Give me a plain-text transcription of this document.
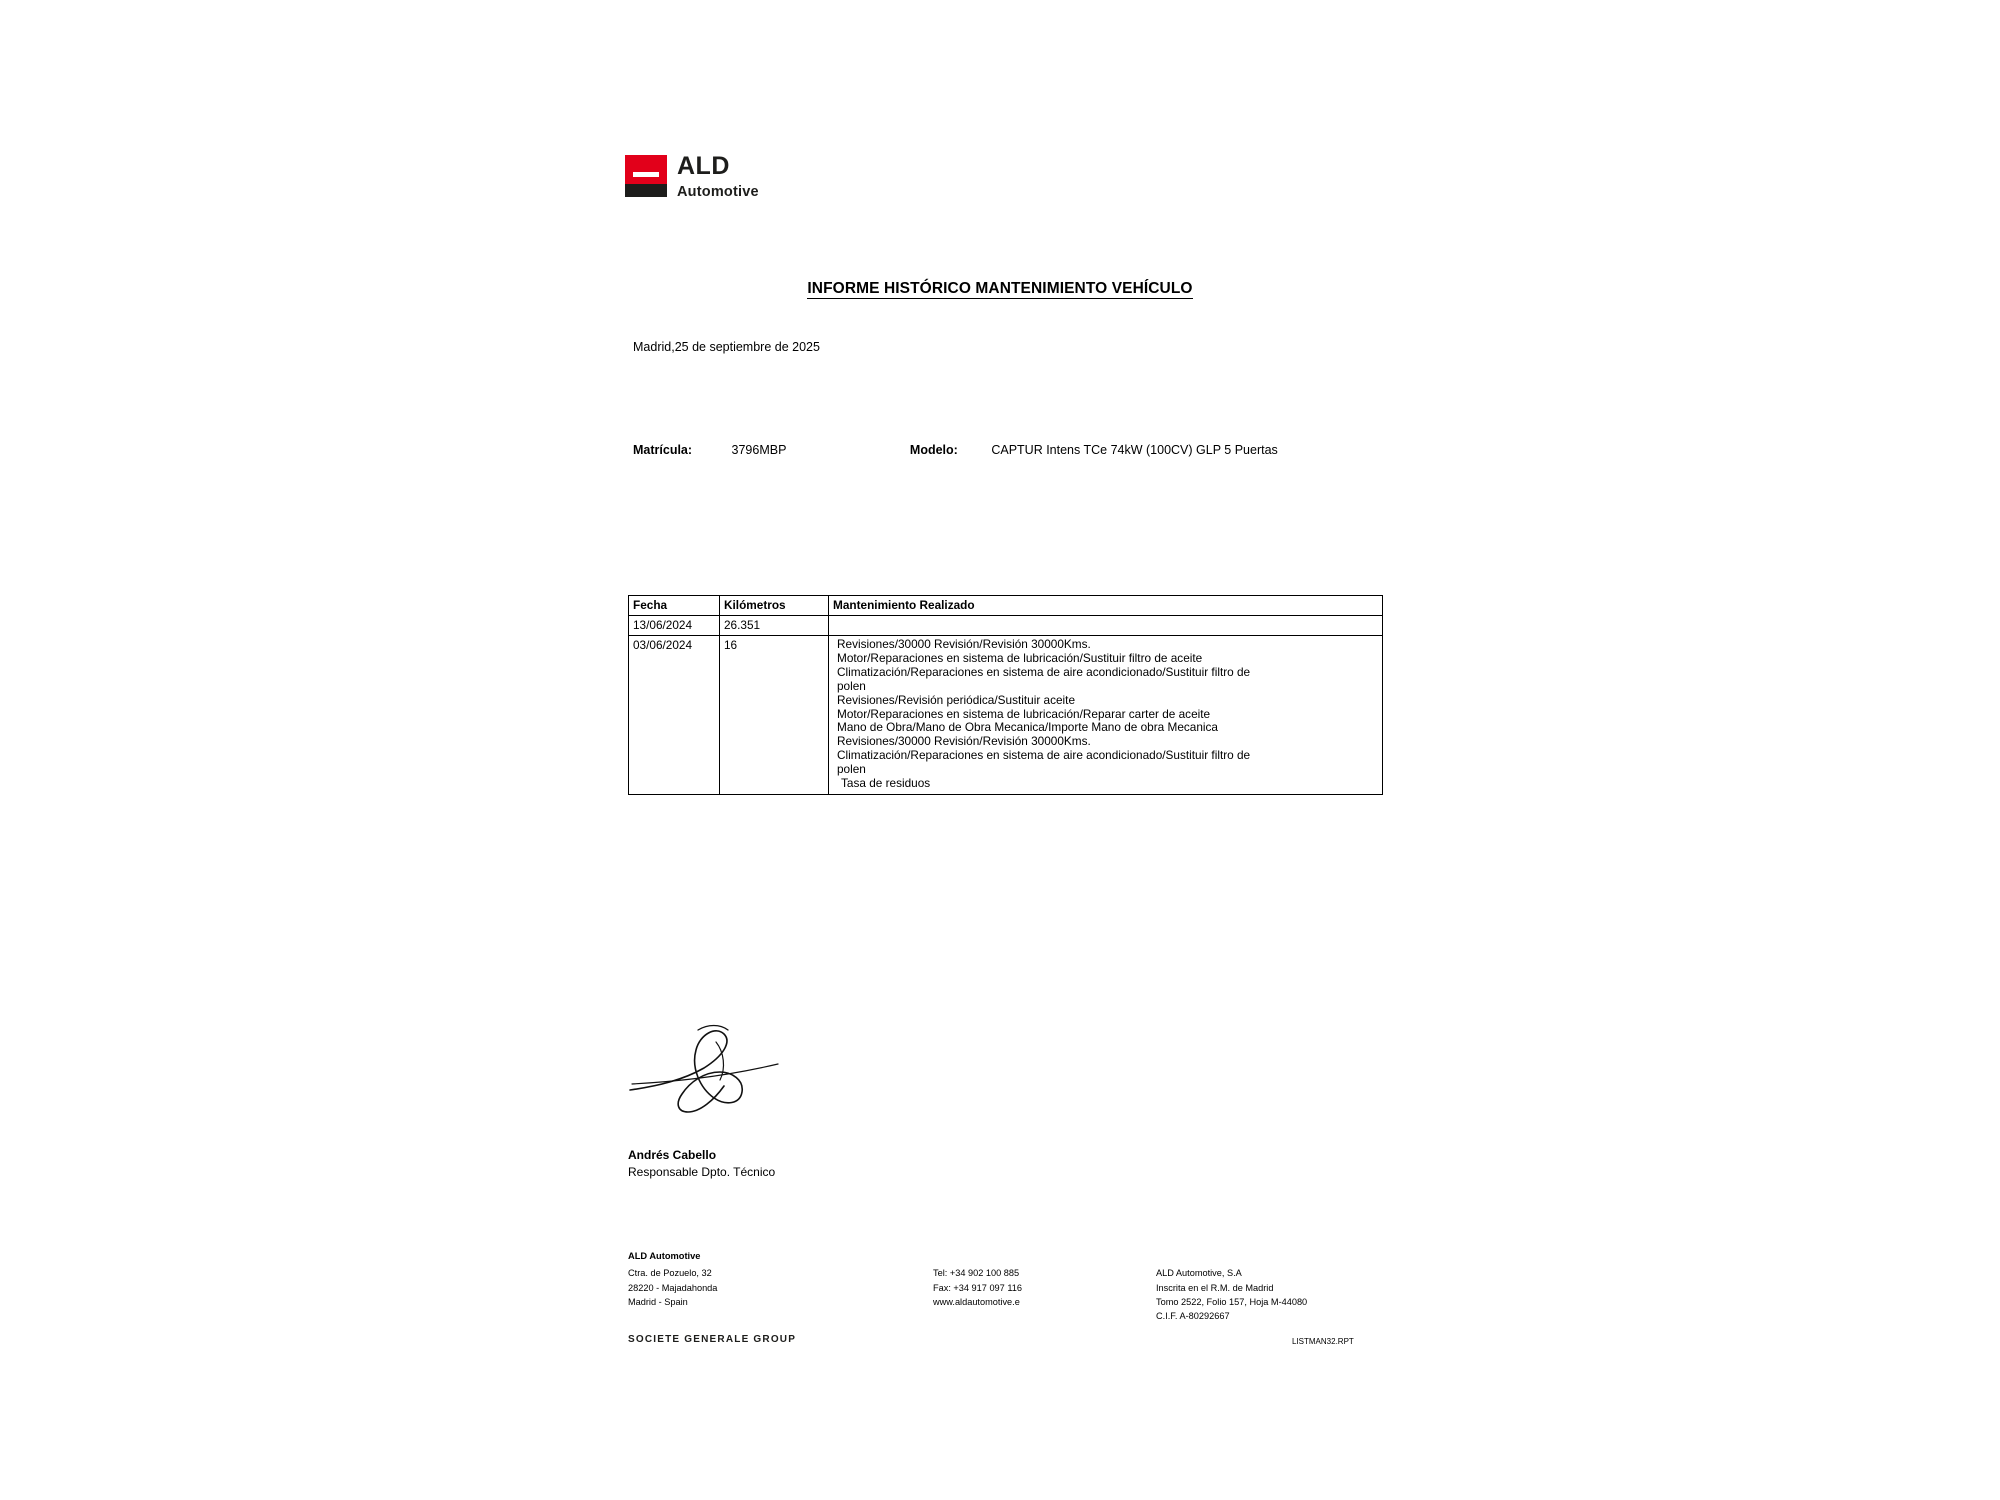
ALD
Automotive
INFORME HISTÓRICO MANTENIMIENTO VEHÍCULO
Madrid,25 de septiembre de 2025
Matrícula:	3796MBP	Modelo:	CAPTUR Intens TCe 74kW (100CV) GLP 5 Puertas
Fecha	Kilómetros	Mantenimiento Realizado
13/06/2024	26.351	

03/06/2024	16	Revisiones/30000 Revisión/Revisión 30000Kms.
Motor/Reparaciones en sistema de lubricación/Sustituir filtro de aceite
Climatización/Reparaciones en sistema de aire acondicionado/Sustituir filtro de
polen
Revisiones/Revisión periódica/Sustituir aceite
Motor/Reparaciones en sistema de lubricación/Reparar carter de aceite
Mano de Obra/Mano de Obra Mecanica/Importe Mano de obra Mecanica
Revisiones/30000 Revisión/Revisión 30000Kms.
Climatización/Reparaciones en sistema de aire acondicionado/Sustituir filtro de
polen
Tasa de residuos
Andrés Cabello
Responsable Dpto. Técnico
ALD Automotive
Ctra. de Pozuelo, 32
28220 - Majadahonda
Madrid - Spain
Tel: +34 902 100 885
Fax: +34 917 097 116
www.aldautomotive.e
ALD Automotive, S.A
Inscrita en el R.M. de Madrid
Tomo 2522, Folio 157, Hoja M-44080
C.I.F. A-80292667
SOCIETE GENERALE GROUP	LISTMAN32.RPT
